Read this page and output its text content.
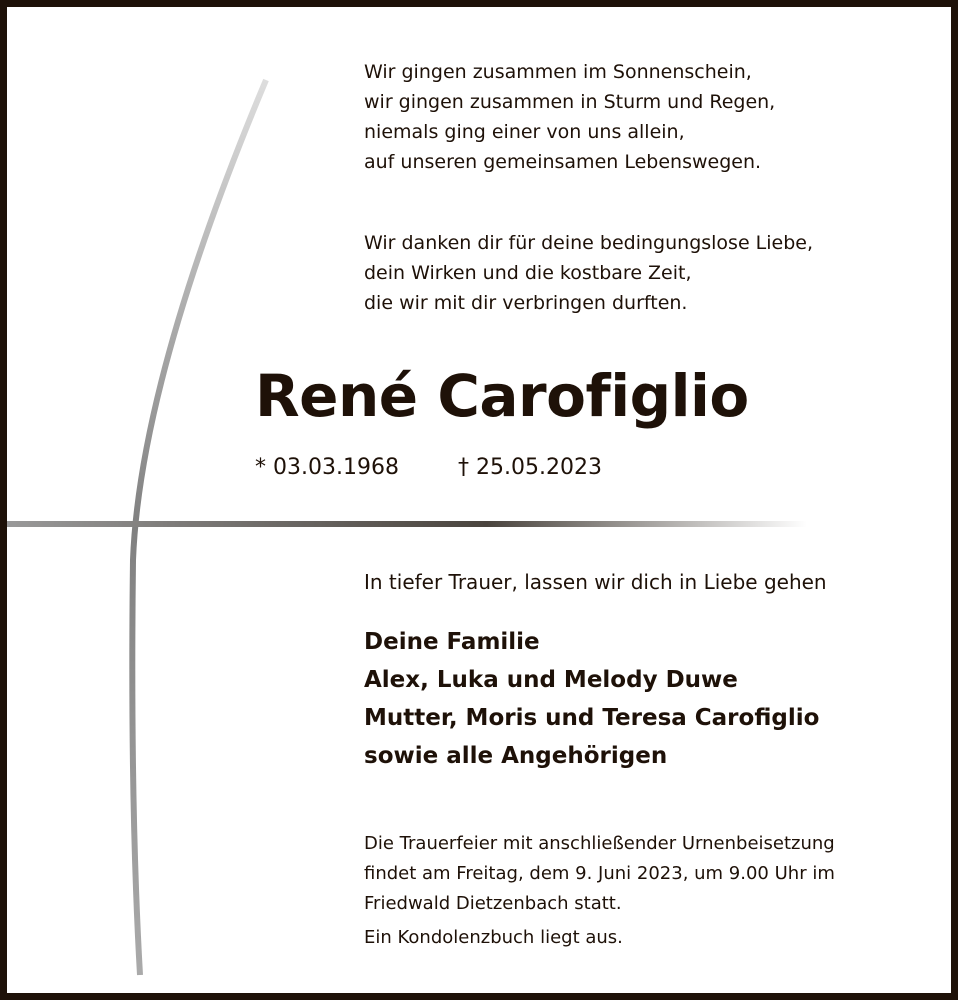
Wir gingen zusammen im Sonnenschein,
wir gingen zusammen in Sturm und Regen,
niemals ging einer von uns allein,
auf unseren gemeinsamen Lebenswegen.
Wir danken dir für deine bedingungslose Liebe,
dein Wirken und die kostbare Zeit,
die wir mit dir verbringen durften.
René Carofiglio
* 03.03.1968	† 25.05.2023
In tiefer Trauer, lassen wir dich in Liebe gehen
Deine Familie
Alex, Luka und Melody Duwe
Mutter, Moris und Teresa Carofiglio
sowie alle Angehörigen
Die Trauerfeier mit anschließender Urnenbeisetzung
findet am Freitag, dem 9. Juni 2023, um 9.00 Uhr im
Friedwald Dietzenbach statt.
Ein Kondolenzbuch liegt aus.
